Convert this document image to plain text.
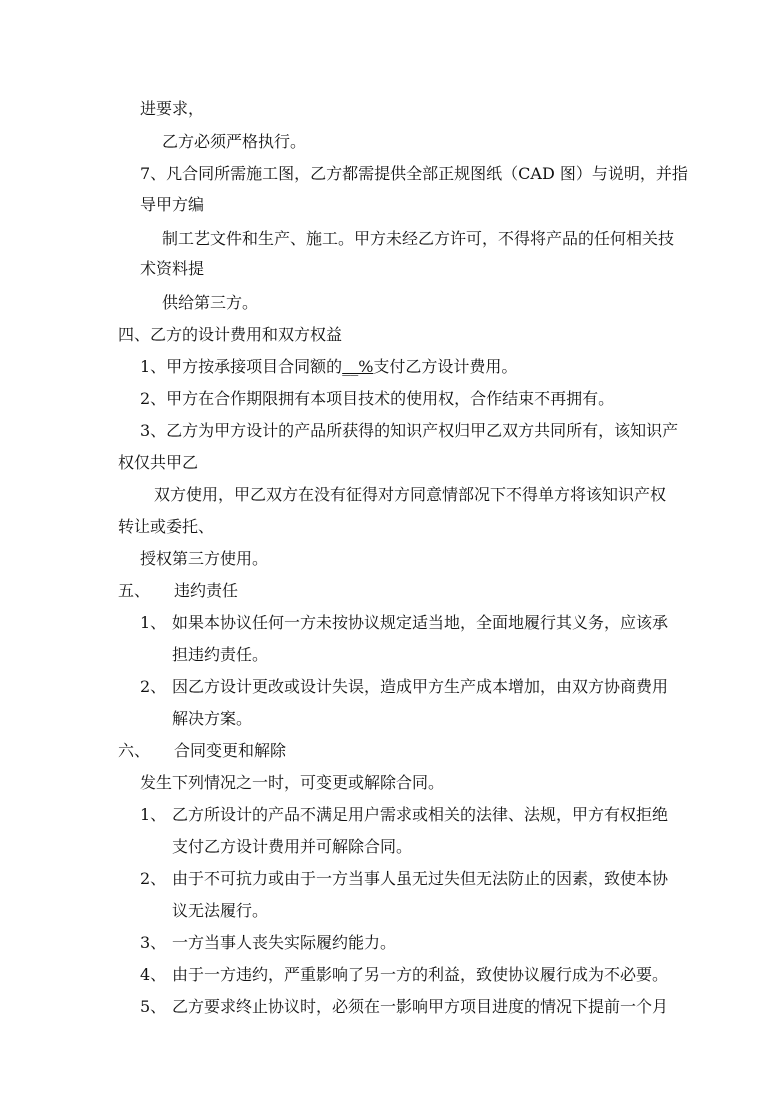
进要求，
乙方必须严格执行。
7、凡合同所需施工图，乙方都需提供全部正规图纸（CAD 图）与说明，并指
导甲方编
制工艺文件和生产、施工。甲方未经乙方许可，不得将产品的任何相关技
术资料提
供给第三方。
四、乙方的设计费用和双方权益
1、甲方按承接项目合同额的__%支付乙方设计费用。
2、甲方在合作期限拥有本项目技术的使用权，合作结束不再拥有。
3、乙方为甲方设计的产品所获得的知识产权归甲乙双方共同所有，该知识产
权仅共甲乙
双方使用，甲乙双方在没有征得对方同意情部况下不得单方将该知识产权
转让或委托、
授权第三方使用。
五、 违约责任
1、 如果本协议任何一方未按协议规定适当地，全面地履行其义务，应该承
担违约责任。
2、 因乙方设计更改或设计失误，造成甲方生产成本增加，由双方协商费用
解决方案。
六、 合同变更和解除
发生下列情况之一时，可变更或解除合同。
1、 乙方所设计的产品不满足用户需求或相关的法律、法规，甲方有权拒绝
支付乙方设计费用并可解除合同。
2、 由于不可抗力或由于一方当事人虽无过失但无法防止的因素，致使本协
议无法履行。
3、 一方当事人丧失实际履约能力。
4、 由于一方违约，严重影响了另一方的利益，致使协议履行成为不必要。
5、 乙方要求终止协议时，必须在一影响甲方项目进度的情况下提前一个月
